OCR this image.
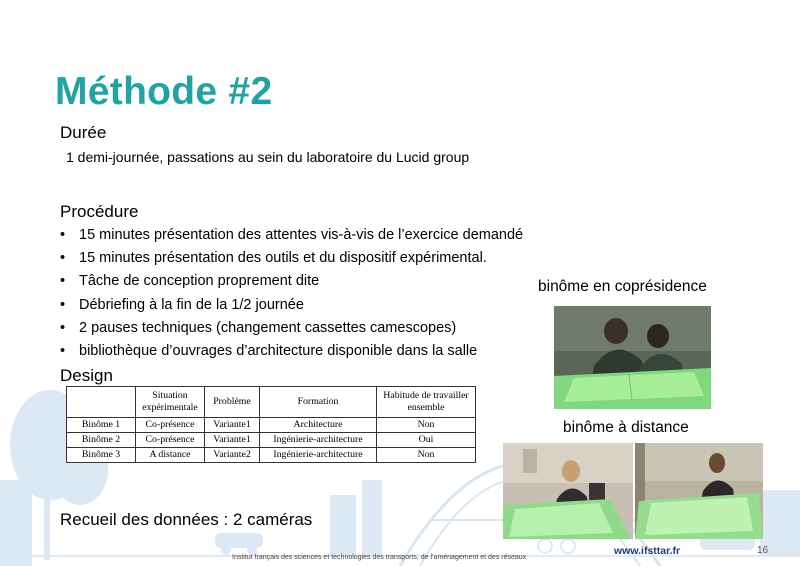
Méthode #2
Durée
1 demi-journée, passations au sein du laboratoire du Lucid group
Procédure
• 15 minutes présentation des attentes vis-à-vis de l’exercice demandé
• 15 minutes présentation des outils et du dispositif expérimental.
• Tâche de conception proprement dite
• Débriefing à la fin de la 1/2 journée
• 2 pauses techniques (changement cassettes camescopes)
• bibliothèque d’ouvrages d’architecture disponible dans la salle
Design
	Situation expérimentale	Problème	Formation	Habitude de travailler ensemble
Binôme 1	Co-présence	Variante1	Architecture	Non
Binôme 2	Co-présence	Variante1	Ingénierie-architecture	Oui
Binôme 3	A distance	Variante2	Ingénierie-architecture	Non
Recueil des données : 2 caméras
binôme en coprésidence
binôme à distance
Institut français des sciences et technologies des transports, de l’aménagement et des réseaux
www.ifsttar.fr	16
